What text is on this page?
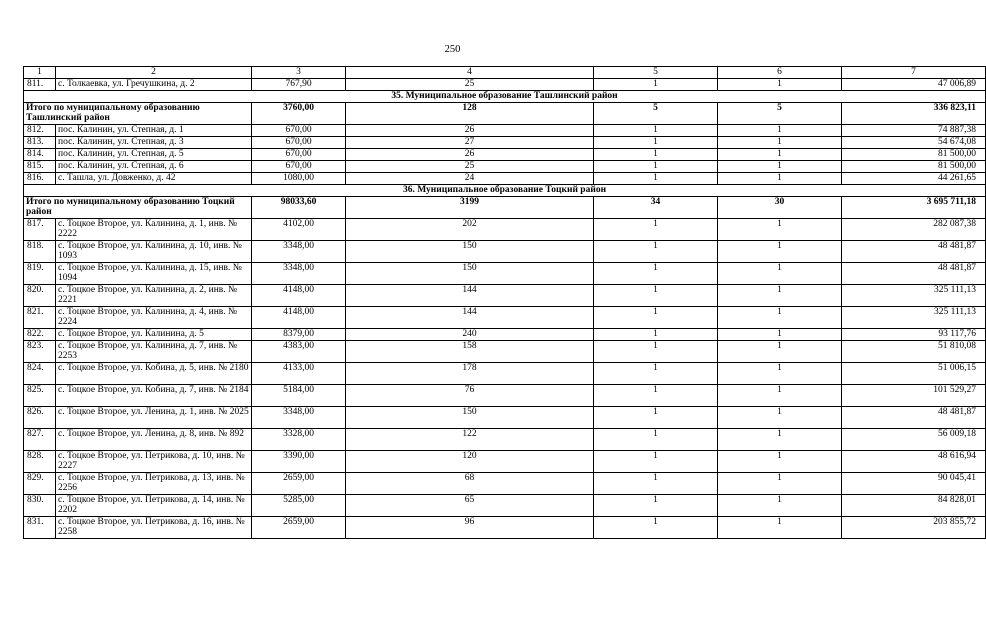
250
1	2	3	4	5	6	7
811.	с. Толкаевка, ул. Гречушкина, д. 2	767,90	25	1	1	47 006,89
35. Муниципальное образование Ташлинский район						
Итого по муниципальному образованию Ташлинский район		3760,00	128	5	5	336 823,11
812.	пос. Калинин, ул. Степная, д. 1	670,00	26	1	1	74 887,38
813.	пос. Калинин, ул. Степная, д. 3	670,00	27	1	1	54 674,08
814.	пос. Калинин, ул. Степная, д. 5	670,00	26	1	1	81 500,00
815.	пос. Калинин, ул. Степная, д. 6	670,00	25	1	1	81 500,00
816.	с. Ташла, ул. Довженко, д. 42	1080,00	24	1	1	44 261,65
36. Муниципальное образование Тоцкий район						
Итого по муниципальному образованию Тоцкий район		98033,60	3199	34	30	3 695 711,18
817.	с. Тоцкое Второе, ул. Калинина, д. 1, инв. № 2222	4102,00	202	1	1	282 087,38
818.	с. Тоцкое Второе, ул. Калинина, д. 10, инв. № 1093	3348,00	150	1	1	48 481,87
819.	с. Тоцкое Второе, ул. Калинина, д. 15, инв. № 1094	3348,00	150	1	1	48 481,87
820.	с. Тоцкое Второе, ул. Калинина, д. 2, инв. № 2221	4148,00	144	1	1	325 111,13
821.	с. Тоцкое Второе, ул. Калинина, д. 4, инв. № 2224	4148,00	144	1	1	325 111,13
822.	с. Тоцкое Второе, ул. Калинина, д. 5	8379,00	240	1	1	93 117,76
823.	с. Тоцкое Второе, ул. Калинина, д. 7, инв. № 2253	4383,00	158	1	1	51 810,08
824.	с. Тоцкое Второе, ул. Кобина, д. 5, инв. № 2180	4133,00	178	1	1	51 006,15
825.	с. Тоцкое Второе, ул. Кобина, д. 7, инв. № 2184	5184,00	76	1	1	101 529,27
826.	с. Тоцкое Второе, ул. Ленина, д. 1, инв. № 2025	3348,00	150	1	1	48 481,87
827.	с. Тоцкое Второе, ул. Ленина, д. 8, инв. № 892	3328,00	122	1	1	56 009,18
828.	с. Тоцкое Второе, ул. Петрикова, д. 10, инв. № 2227	3390,00	120	1	1	48 616,94
829.	с. Тоцкое Второе, ул. Петрикова, д. 13, инв. № 2256	2659,00	68	1	1	90 045,41
830.	с. Тоцкое Второе, ул. Петрикова, д. 14, инв. № 2202	5285,00	65	1	1	84 828,01
831.	с. Тоцкое Второе, ул. Петрикова, д. 16, инв. № 2258	2659,00	96	1	1	203 855,72
